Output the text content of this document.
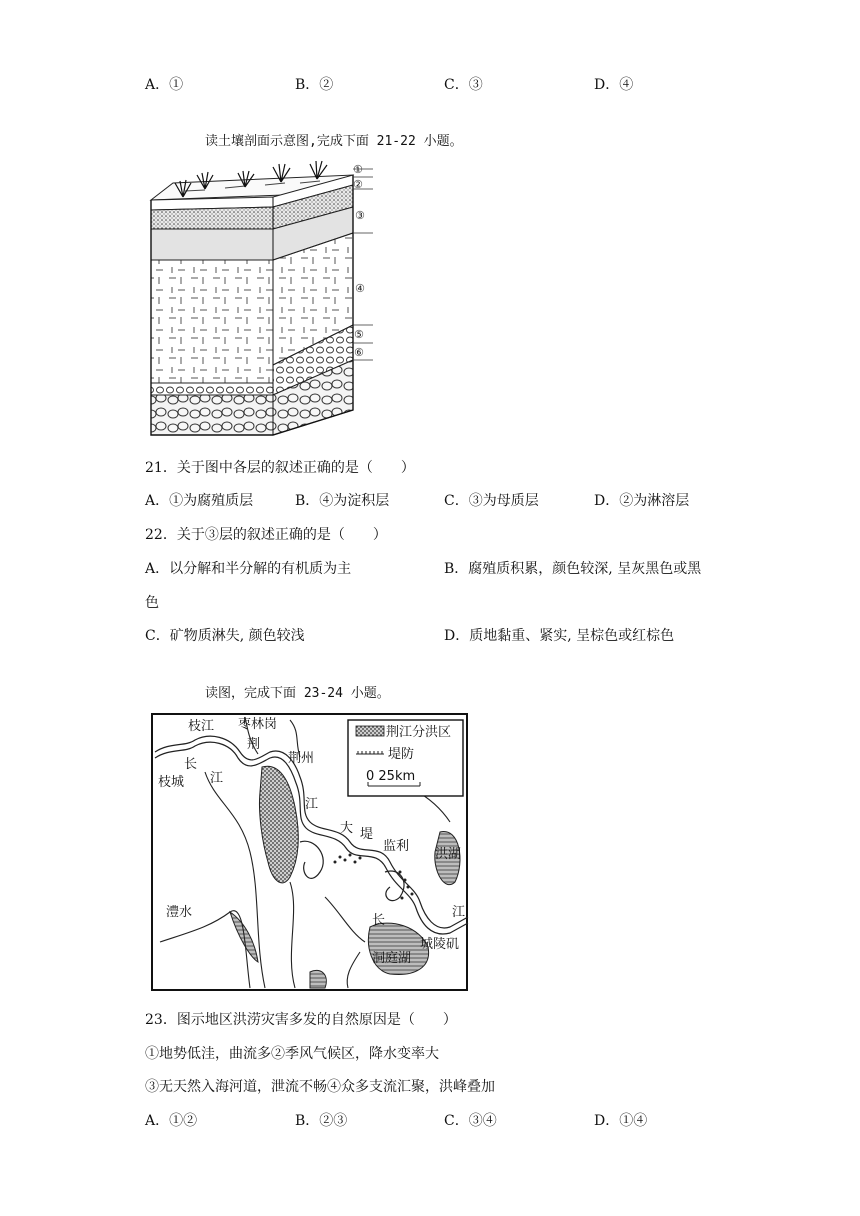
A．①	B．②	C．③	D．④
读土壤剖面示意图,完成下面 21-22 小题。
①
②
③
④
⑤
⑥
21．关于图中各层的叙述正确的是（　　）
A．①为腐殖质层	B．④为淀积层	C．③为母质层	D．②为淋溶层
22．关于③层的叙述正确的是（　　）
A．以分解和半分解的有机质为主	B．腐殖质积累，颜色较深, 呈灰黑色或黑
色
C．矿物质淋失, 颜色较浅	D．质地黏重、紧实, 呈棕色或红棕色
读图，完成下面 23-24 小题。
荆江分洪区
堤防
0 25km
枝江 枣林岗
荆
荆州
长
枝城 江
江
大 堤
监利
洪湖
澧水
长
江
城陵矶
洞庭湖
23．图示地区洪涝灾害多发的自然原因是（　　）
①地势低洼，曲流多②季风气候区，降水变率大
③无天然入海河道，泄流不畅④众多支流汇聚，洪峰叠加
A．①②	B．②③	C．③④	D．①④
